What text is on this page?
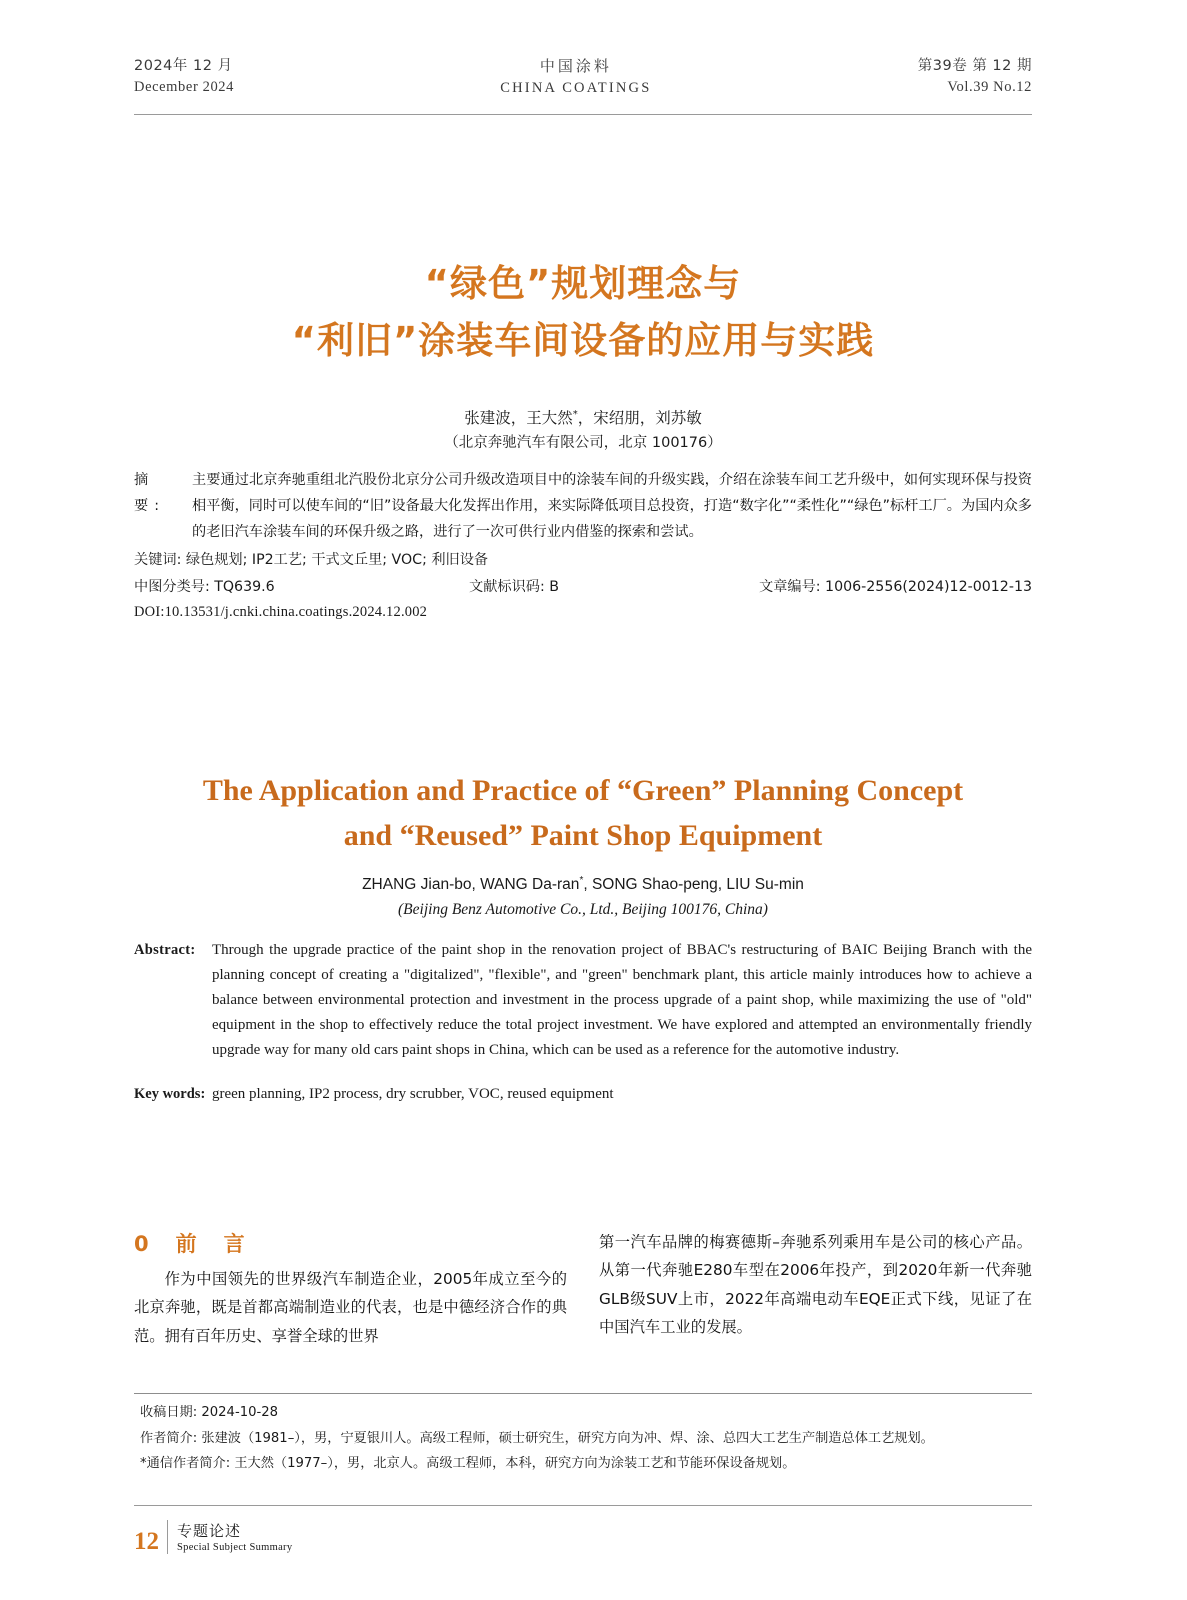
2024年 12 月
December 2024
中国涂料
CHINA COATINGS
第39卷 第 12 期
Vol.39 No.12
“绿色”规划理念与
“利旧”涂装车间设备的应用与实践
张建波，王大然*，宋绍朋，刘苏敏
（北京奔驰汽车有限公司，北京 100176）
摘　要:
主要通过北京奔驰重组北汽股份北京分公司升级改造项目中的涂装车间的升级实践，介绍在涂装车间工艺升级中，如何实现环保与投资相平衡，同时可以使车间的“旧”设备最大化发挥出作用，来实际降低项目总投资，打造“数字化”“柔性化”“绿色”标杆工厂。为国内众多的老旧汽车涂装车间的环保升级之路，进行了一次可供行业内借鉴的探索和尝试。
关键词: 绿色规划; IP2工艺; 干式文丘里; VOC; 利旧设备
中图分类号: TQ639.6	文献标识码: B	文章编号: 1006-2556(2024)12-0012-13
DOI:10.13531/j.cnki.china.coatings.2024.12.002
The Application and Practice of “Green” Planning Concept
and “Reused” Paint Shop Equipment
ZHANG Jian-bo, WANG Da-ran*, SONG Shao-peng, LIU Su-min
(Beijing Benz Automotive Co., Ltd., Beijing 100176, China)
Abstract:	Through the upgrade practice of the paint shop in the renovation project of BBAC's restructuring of BAIC Beijing Branch with the planning concept of creating a "digitalized", "flexible", and "green" benchmark plant, this article mainly introduces how to achieve a balance between environmental protection and investment in the process upgrade of a paint shop, while maximizing the use of "old" equipment in the shop to effectively reduce the total project investment. We have explored and attempted an environmentally friendly upgrade way for many old cars paint shops in China, which can be used as a reference for the automotive industry.
Key words: green planning, IP2 process, dry scrubber, VOC, reused equipment
0　前　言

作为中国领先的世界级汽车制造企业，2005年成立至今的北京奔驰，既是首都高端制造业的代表，也是中德经济合作的典范。拥有百年历史、享誉全球的世界

第一汽车品牌的梅赛德斯–奔驰系列乘用车是公司的核心产品。从第一代奔驰E280车型在2006年投产，到2020年新一代奔驰GLB级SUV上市，2022年高端电动车EQE正式下线，见证了在中国汽车工业的发展。

收稿日期: 2024-10-28
作者简介: 张建波（1981–），男，宁夏银川人。高级工程师，硕士研究生，研究方向为冲、焊、涂、总四大工艺生产制造总体工艺规划。
*通信作者简介: 王大然（1977–），男，北京人。高级工程师，本科，研究方向为涂装工艺和节能环保设备规划。
12 专题论述
Special Subject Summary
